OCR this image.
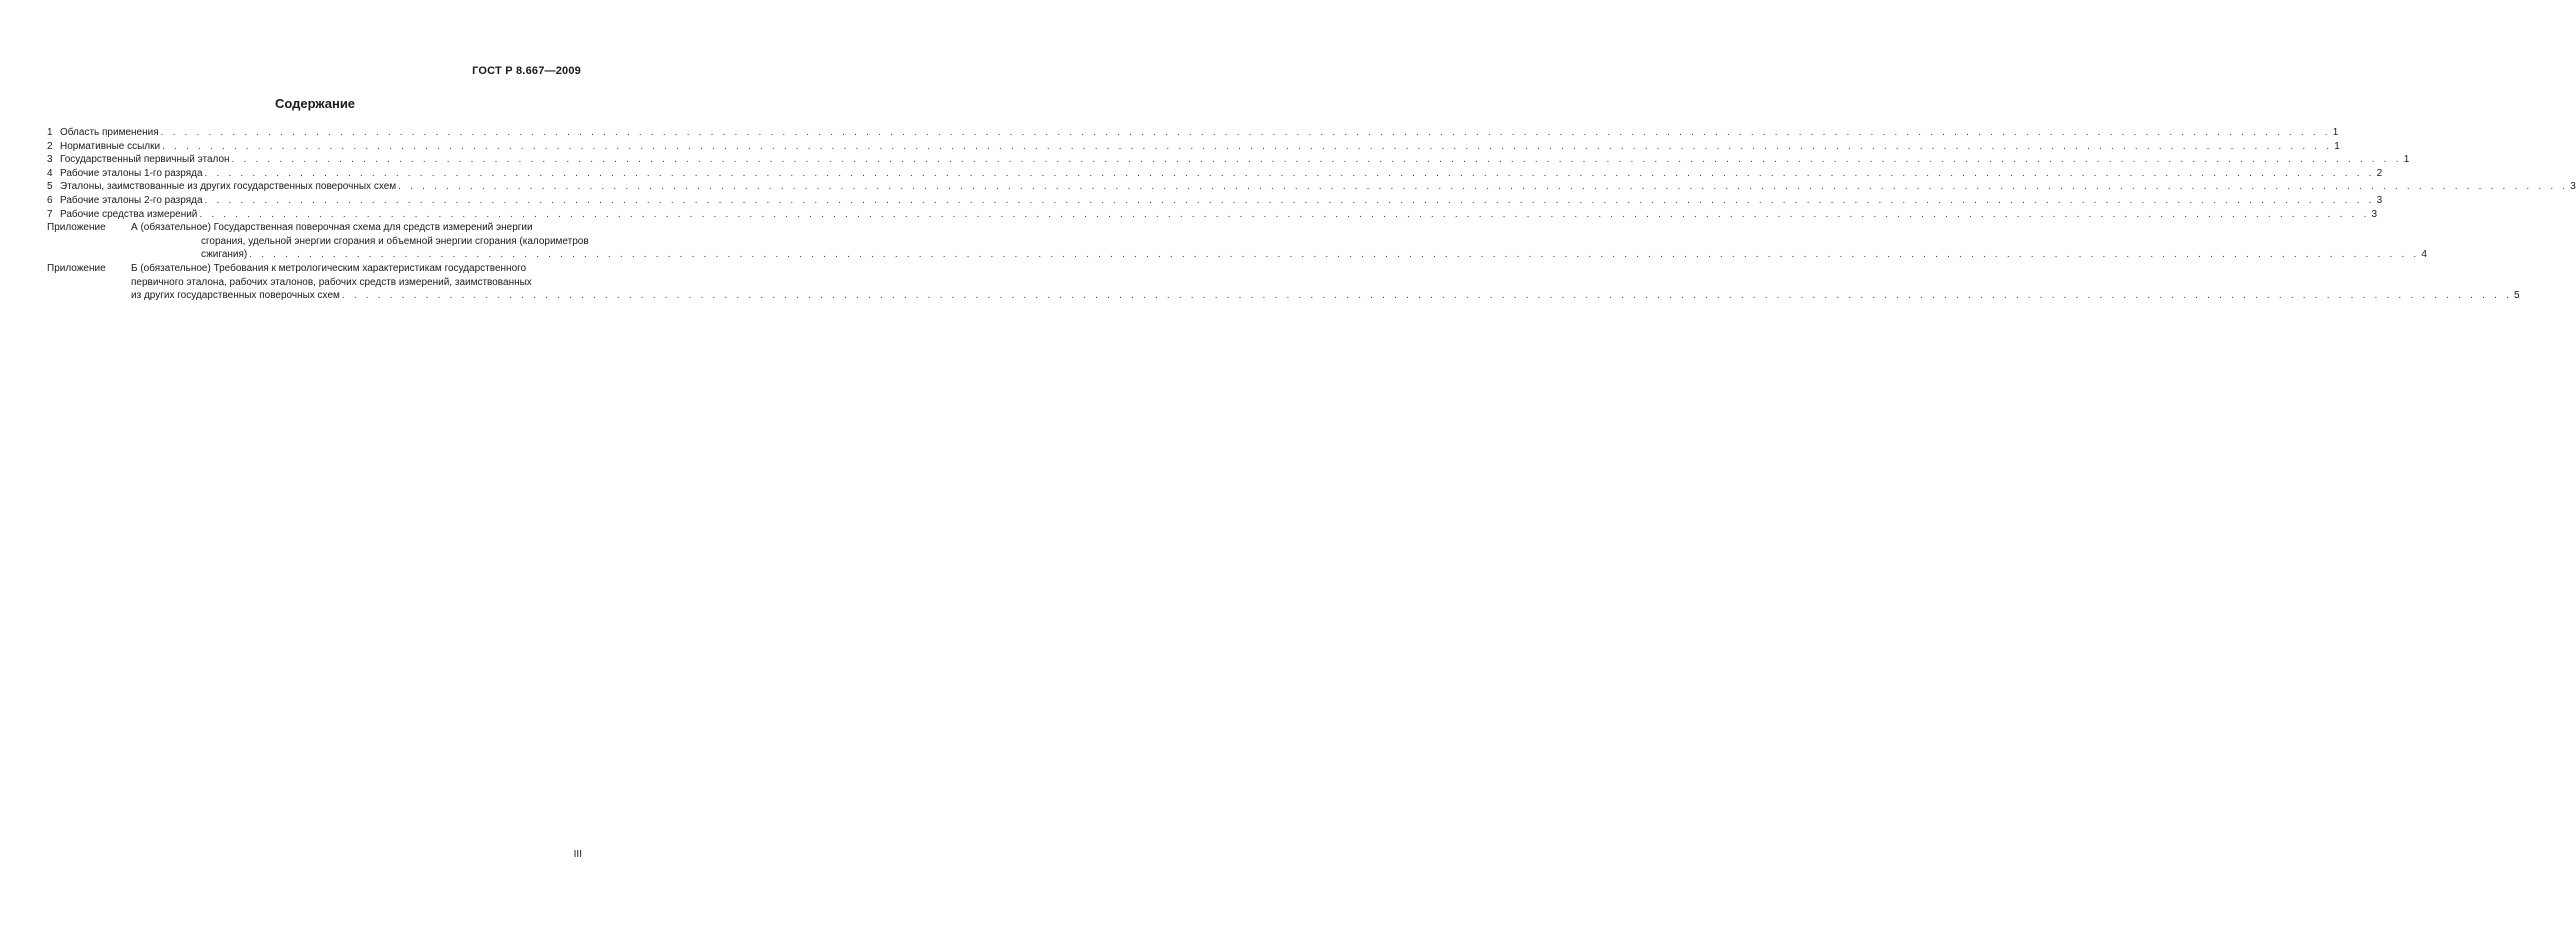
ГОСТ Р 8.667—2009
Содержание
1 Область применения . . .	1
2 Нормативные ссылки . . .	1
3 Государственный первичный эталон . . .	1
4 Рабочие эталоны 1-го разряда . . .	2
5 Эталоны, заимствованные из других государственных поверочных схем . . .	3
6 Рабочие эталоны 2-го разряда . . .	3
7 Рабочие средства измерений . . .	3
Приложение	А (обязательное) Государственная поверочная схема для средств измерений энергии
сгорания, удельной энергии сгорания и объемной энергии сгорания (калориметров
сжигания) . . .	4
Приложение	Б (обязательное) Требования к метрологическим характеристикам государственного
первичного эталона, рабочих эталонов, рабочих средств измерений, заимствованных
из других государственных поверочных схем . . .	5
III
